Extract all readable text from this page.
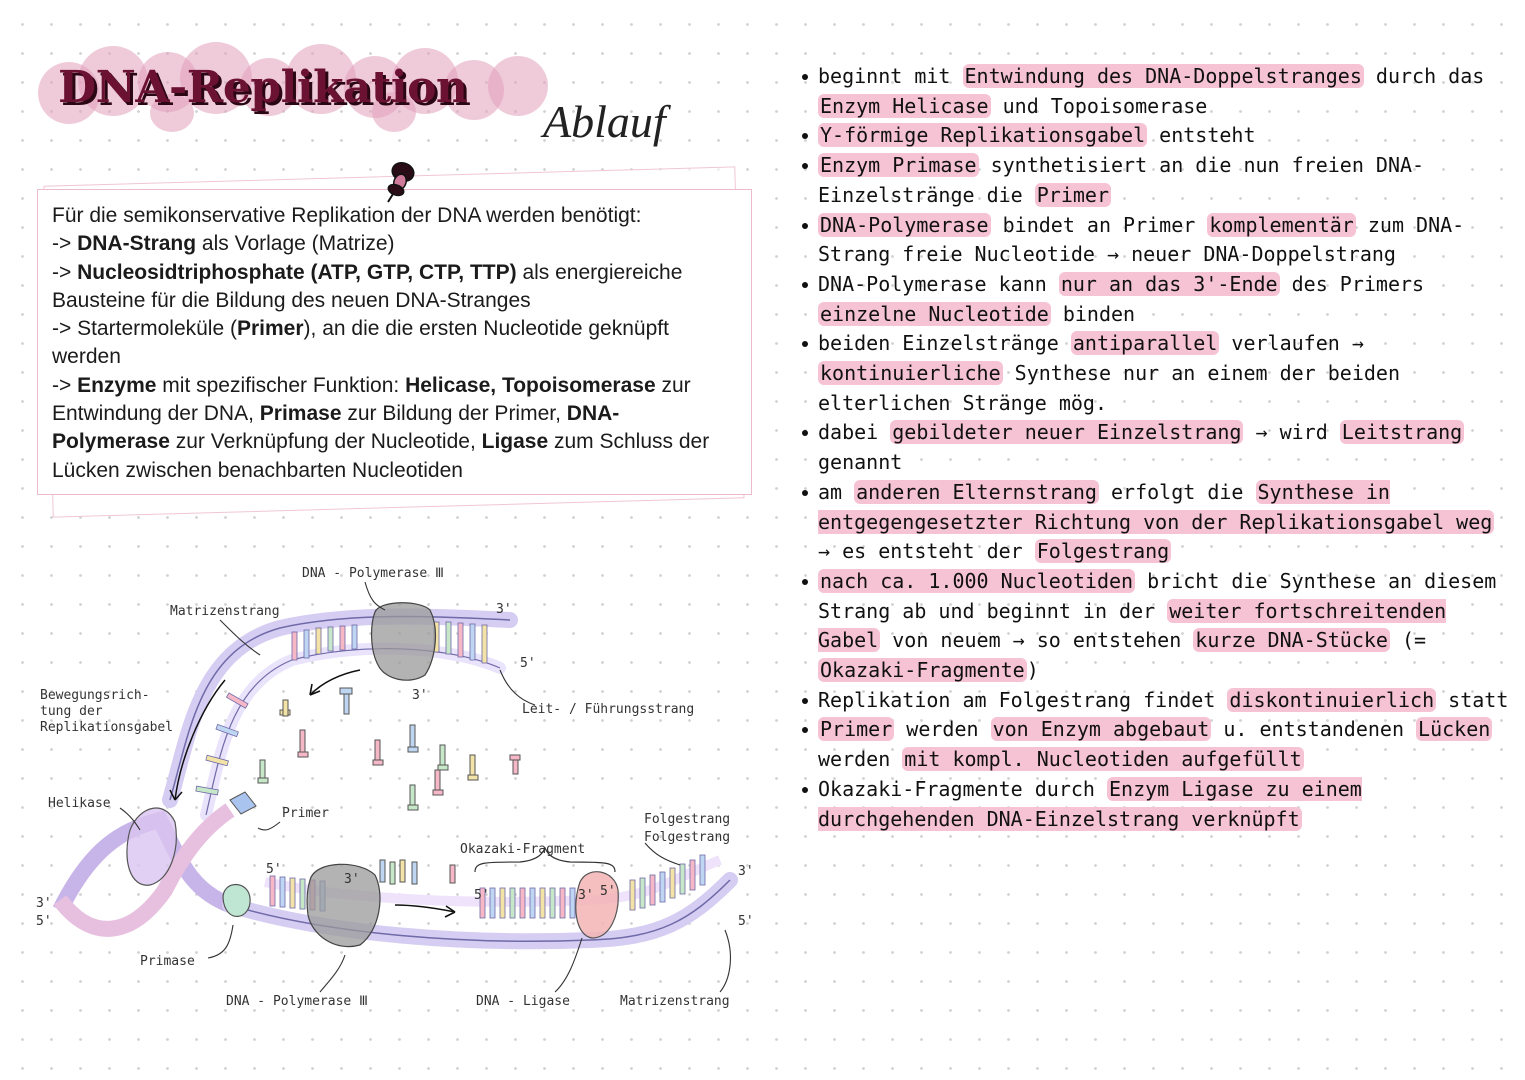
DNA-Replikation
Ablauf

Für die semikonservative Replikation der DNA werden benötigt:

-> DNA-Strang als Vorlage (Matrize)

-> Nucleosidtriphosphate (ATP, GTP, CTP, TTP) als energiereiche Bausteine für die Bildung des neuen DNA-Stranges

-> Startermoleküle (Primer), an die die ersten Nucleotide geknüpft werden

-> Enzyme mit spezifischer Funktion: Helicase, Topoisomerase zur Entwindung der DNA, Primase zur Bildung der Primer, DNA-Polymerase zur Verknüpfung der Nucleotide, Ligase zum Schluss der Lücken zwischen benachbarten Nucleotiden

DNA - Polymerase Ⅲ
Matrizenstrang
Bewegungsrich-
tung der
Replikationsgabel
Leit- / Führungsstrang
Helikase
Primer
Okazaki-Fragment
Folgestrang
Folgestrang
Primase
DNA - Polymerase Ⅲ	DNA - Ligase	Matrizenstrang
3'
5'
3'
3'
5'
5'
3'
5'	3' 5'
3'
5'
beginnt mit Entwindung des DNA-Doppelstranges durch das Enzym Helicase und Topoisomerase
Y-förmige Replikationsgabel entsteht
Enzym Primase synthetisiert an die nun freien DNA-Einzelstränge die Primer
DNA-Polymerase bindet an Primer komplementär zum DNA-Strang freie Nucleotide → neuer DNA-Doppelstrang
DNA-Polymerase kann nur an das 3'-Ende des Primers einzelne Nucleotide binden
beiden Einzelstränge antiparallel verlaufen → kontinuierliche Synthese nur an einem der beiden elterlichen Stränge mög.
dabei gebildeter neuer Einzelstrang → wird Leitstrang genannt
am anderen Elternstrang erfolgt die Synthese in entgegengesetzter Richtung von der Replikationsgabel weg → es entsteht der Folgestrang
nach ca. 1.000 Nucleotiden bricht die Synthese an diesem Strang ab und beginnt in der weiter fortschreitenden Gabel von neuem → so entstehen kurze DNA-Stücke (= Okazaki-Fragmente )
Replikation am Folgestrang findet diskontinuierlich statt
Primer werden von Enzym abgebaut u. entstandenen Lücken werden mit kompl. Nucleotiden aufgefüllt
Okazaki-Fragmente durch Enzym Ligase zu einem durchgehenden DNA-Einzelstrang verknüpft
